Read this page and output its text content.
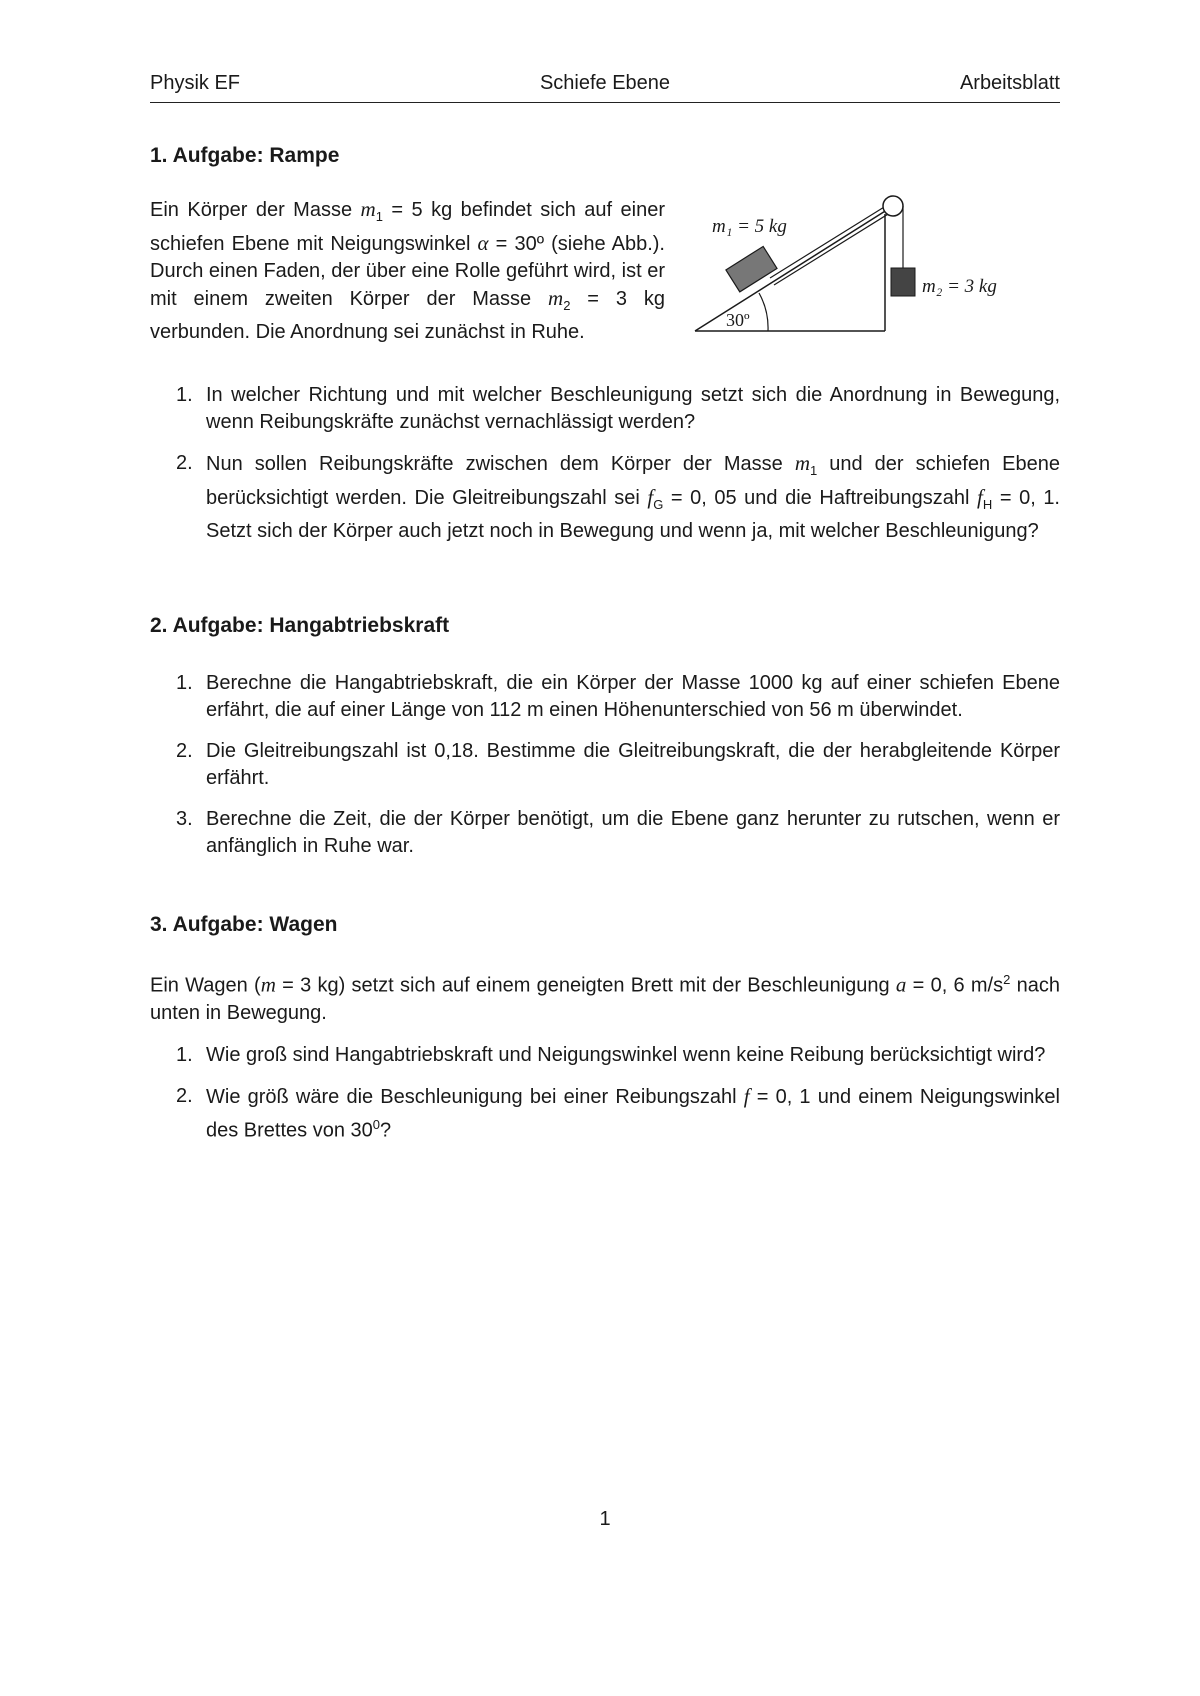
Physik EF	Schiefe Ebene	Arbeitsblatt
1. Aufgabe: Rampe
Ein Körper der Masse $m_1 = 5$ kg befindet sich auf einer schiefen Ebene mit Neigungswinkel α = 30º (siehe Abb.). Durch einen Faden, der über eine Rolle geführt wird, ist er mit einem zweiten Körper der Masse $m_2 = 3$ kg verbunden. Die Anordnung sei zunächst in Ruhe.
30º
m₁ = 5 kg
m₂ = 3 kg
1. In welcher Richtung und mit welcher Beschleunigung setzt sich die Anordnung in Bewegung, wenn Reibungskräfte zunächst vernachlässigt werden?
2. Nun sollen Reibungskräfte zwischen dem Körper der Masse $m_1$ und der schiefen Ebene berücksichtigt werden. Die Gleitreibungszahl sei $f_G = 0$, 05 und die Haftreibungszahl $f_H = 0$, 1. Setzt sich der Körper auch jetzt noch in Bewegung und wenn ja, mit welcher Beschleunigung?
2. Aufgabe: Hangabtriebskraft
1. Berechne die Hangabtriebskraft, die ein Körper der Masse 1000 kg auf einer schiefen Ebene erfährt, die auf einer Länge von 112 m einen Höhenunterschied von 56 m überwindet.
2. Die Gleitreibungszahl ist 0,18. Bestimme die Gleitreibungskraft, die der herabgleitende Körper erfährt.
3. Berechne die Zeit, die der Körper benötigt, um die Ebene ganz herunter zu rutschen, wenn er anfänglich in Ruhe war.
3. Aufgabe: Wagen
Ein Wagen (m = 3 kg) setzt sich auf einem geneigten Brett mit der Beschleunigung a = 0, 6 $m/s^2$ nach unten in Bewegung.
1. Wie groß sind Hangabtriebskraft und Neigungswinkel wenn keine Reibung berücksichtigt wird?
2. Wie größ wäre die Beschleunigung bei einer Reibungszahl f = 0, 1 und einem Neigungswinkel des Brettes von $30^0$?
1
